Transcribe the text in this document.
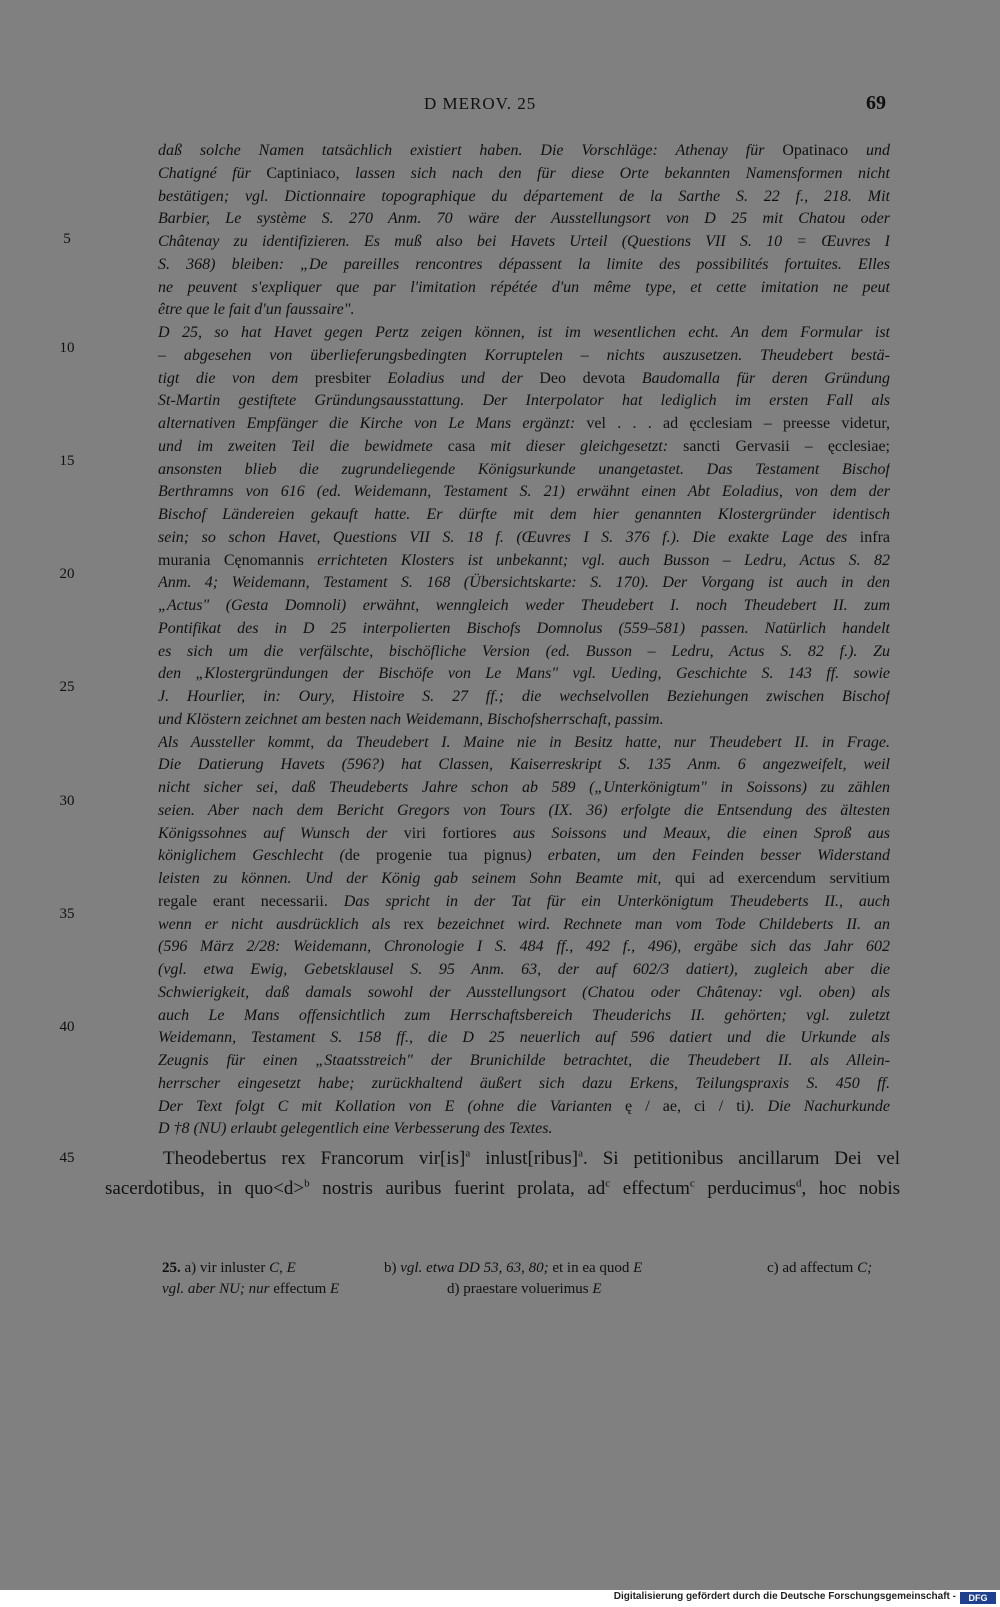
D MEROV. 25	69
5
10
15
20
25
30
35
40
45
daß solche Namen tatsächlich existiert haben. Die Vorschläge: Athenay für Opatinaco und
Chatigné für Captiniaco, lassen sich nach den für diese Orte bekannten Namensformen nicht
bestätigen; vgl. Dictionnaire topographique du département de la Sarthe S. 22 f., 218. Mit
Barbier, Le système S. 270 Anm. 70 wäre der Ausstellungsort von D 25 mit Chatou oder
Châtenay zu identifizieren. Es muß also bei Havets Urteil (Questions VII S. 10 = Œuvres I
S. 368) bleiben: „De pareilles rencontres dépassent la limite des possibilités fortuites. Elles
ne peuvent s'expliquer que par l'imitation répétée d'un même type, et cette imitation ne peut
être que le fait d'un faussaire".
D 25, so hat Havet gegen Pertz zeigen können, ist im wesentlichen echt. An dem Formular ist
– abgesehen von überlieferungsbedingten Korruptelen – nichts auszusetzen. Theudebert bestä-
tigt die von dem presbiter Eoladius und der Deo devota Baudomalla für deren Gründung
St-Martin gestiftete Gründungsausstattung. Der Interpolator hat lediglich im ersten Fall als
alternativen Empfänger die Kirche von Le Mans ergänzt: vel . . . ad ęcclesiam – preesse videtur,
und im zweiten Teil die bewidmete casa mit dieser gleichgesetzt: sancti Gervasii – ęcclesiae;
ansonsten blieb die zugrundeliegende Königsurkunde unangetastet. Das Testament Bischof
Berthramns von 616 (ed. Weidemann, Testament S. 21) erwähnt einen Abt Eoladius, von dem der
Bischof Ländereien gekauft hatte. Er dürfte mit dem hier genannten Klostergründer identisch
sein; so schon Havet, Questions VII S. 18 f. (Œuvres I S. 376 f.). Die exakte Lage des infra
murania Cęnomannis errichteten Klosters ist unbekannt; vgl. auch Busson – Ledru, Actus S. 82
Anm. 4; Weidemann, Testament S. 168 (Übersichtskarte: S. 170). Der Vorgang ist auch in den
„Actus" (Gesta Domnoli) erwähnt, wenngleich weder Theudebert I. noch Theudebert II. zum
Pontifikat des in D 25 interpolierten Bischofs Domnolus (559–581) passen. Natürlich handelt
es sich um die verfälschte, bischöfliche Version (ed. Busson – Ledru, Actus S. 82 f.). Zu
den „Klostergründungen der Bischöfe von Le Mans" vgl. Ueding, Geschichte S. 143 ff. sowie
J. Hourlier, in: Oury, Histoire S. 27 ff.; die wechselvollen Beziehungen zwischen Bischof
und Klöstern zeichnet am besten nach Weidemann, Bischofsherrschaft, passim.
Als Aussteller kommt, da Theudebert I. Maine nie in Besitz hatte, nur Theudebert II. in Frage.
Die Datierung Havets (596?) hat Classen, Kaiserreskript S. 135 Anm. 6 angezweifelt, weil
nicht sicher sei, daß Theudeberts Jahre schon ab 589 („Unterkönigtum" in Soissons) zu zählen
seien. Aber nach dem Bericht Gregors von Tours (IX. 36) erfolgte die Entsendung des ältesten
Königssohnes auf Wunsch der viri fortiores aus Soissons und Meaux, die einen Sproß aus
königlichem Geschlecht (de progenie tua pignus) erbaten, um den Feinden besser Widerstand
leisten zu können. Und der König gab seinem Sohn Beamte mit, qui ad exercendum servitium
regale erant necessarii. Das spricht in der Tat für ein Unterkönigtum Theudeberts II., auch
wenn er nicht ausdrücklich als rex bezeichnet wird. Rechnete man vom Tode Childeberts II. an
(596 März 2/28: Weidemann, Chronologie I S. 484 ff., 492 f., 496), ergäbe sich das Jahr 602
(vgl. etwa Ewig, Gebetsklausel S. 95 Anm. 63, der auf 602/3 datiert), zugleich aber die
Schwierigkeit, daß damals sowohl der Ausstellungsort (Chatou oder Châtenay: vgl. oben) als
auch Le Mans offensichtlich zum Herrschaftsbereich Theuderichs II. gehörten; vgl. zuletzt
Weidemann, Testament S. 158 ff., die D 25 neuerlich auf 596 datiert und die Urkunde als
Zeugnis für einen „Staatsstreich" der Brunichilde betrachtet, die Theudebert II. als Allein-
herrscher eingesetzt habe; zurückhaltend äußert sich dazu Erkens, Teilungspraxis S. 450 ff.
Der Text folgt C mit Kollation von E (ohne die Varianten ę / ae, ci / ti). Die Nachurkunde
D †8 (NU) erlaubt gelegentlich eine Verbesserung des Textes.
Theodebertus rex Francorum vir[is]$^a$ inlust[ribus]$^a$. Si petitionibus ancillarum Dei vel
sacerdotibus, in quo<d>$^b$ nostris auribus fuerint prolata, $ad^c$ effectum$^c$ perducimus$^d$, hoc nobis
25. a) vir inluster C, E	b) vgl. etwa DD 53, 63, 80; et in ea quod E	c) ad affectum C;
vgl. aber NU; nur effectum E	d) praestare voluerimus E
Digitalisierung gefördert durch die Deutsche Forschungsgemeinschaft -	DFG
